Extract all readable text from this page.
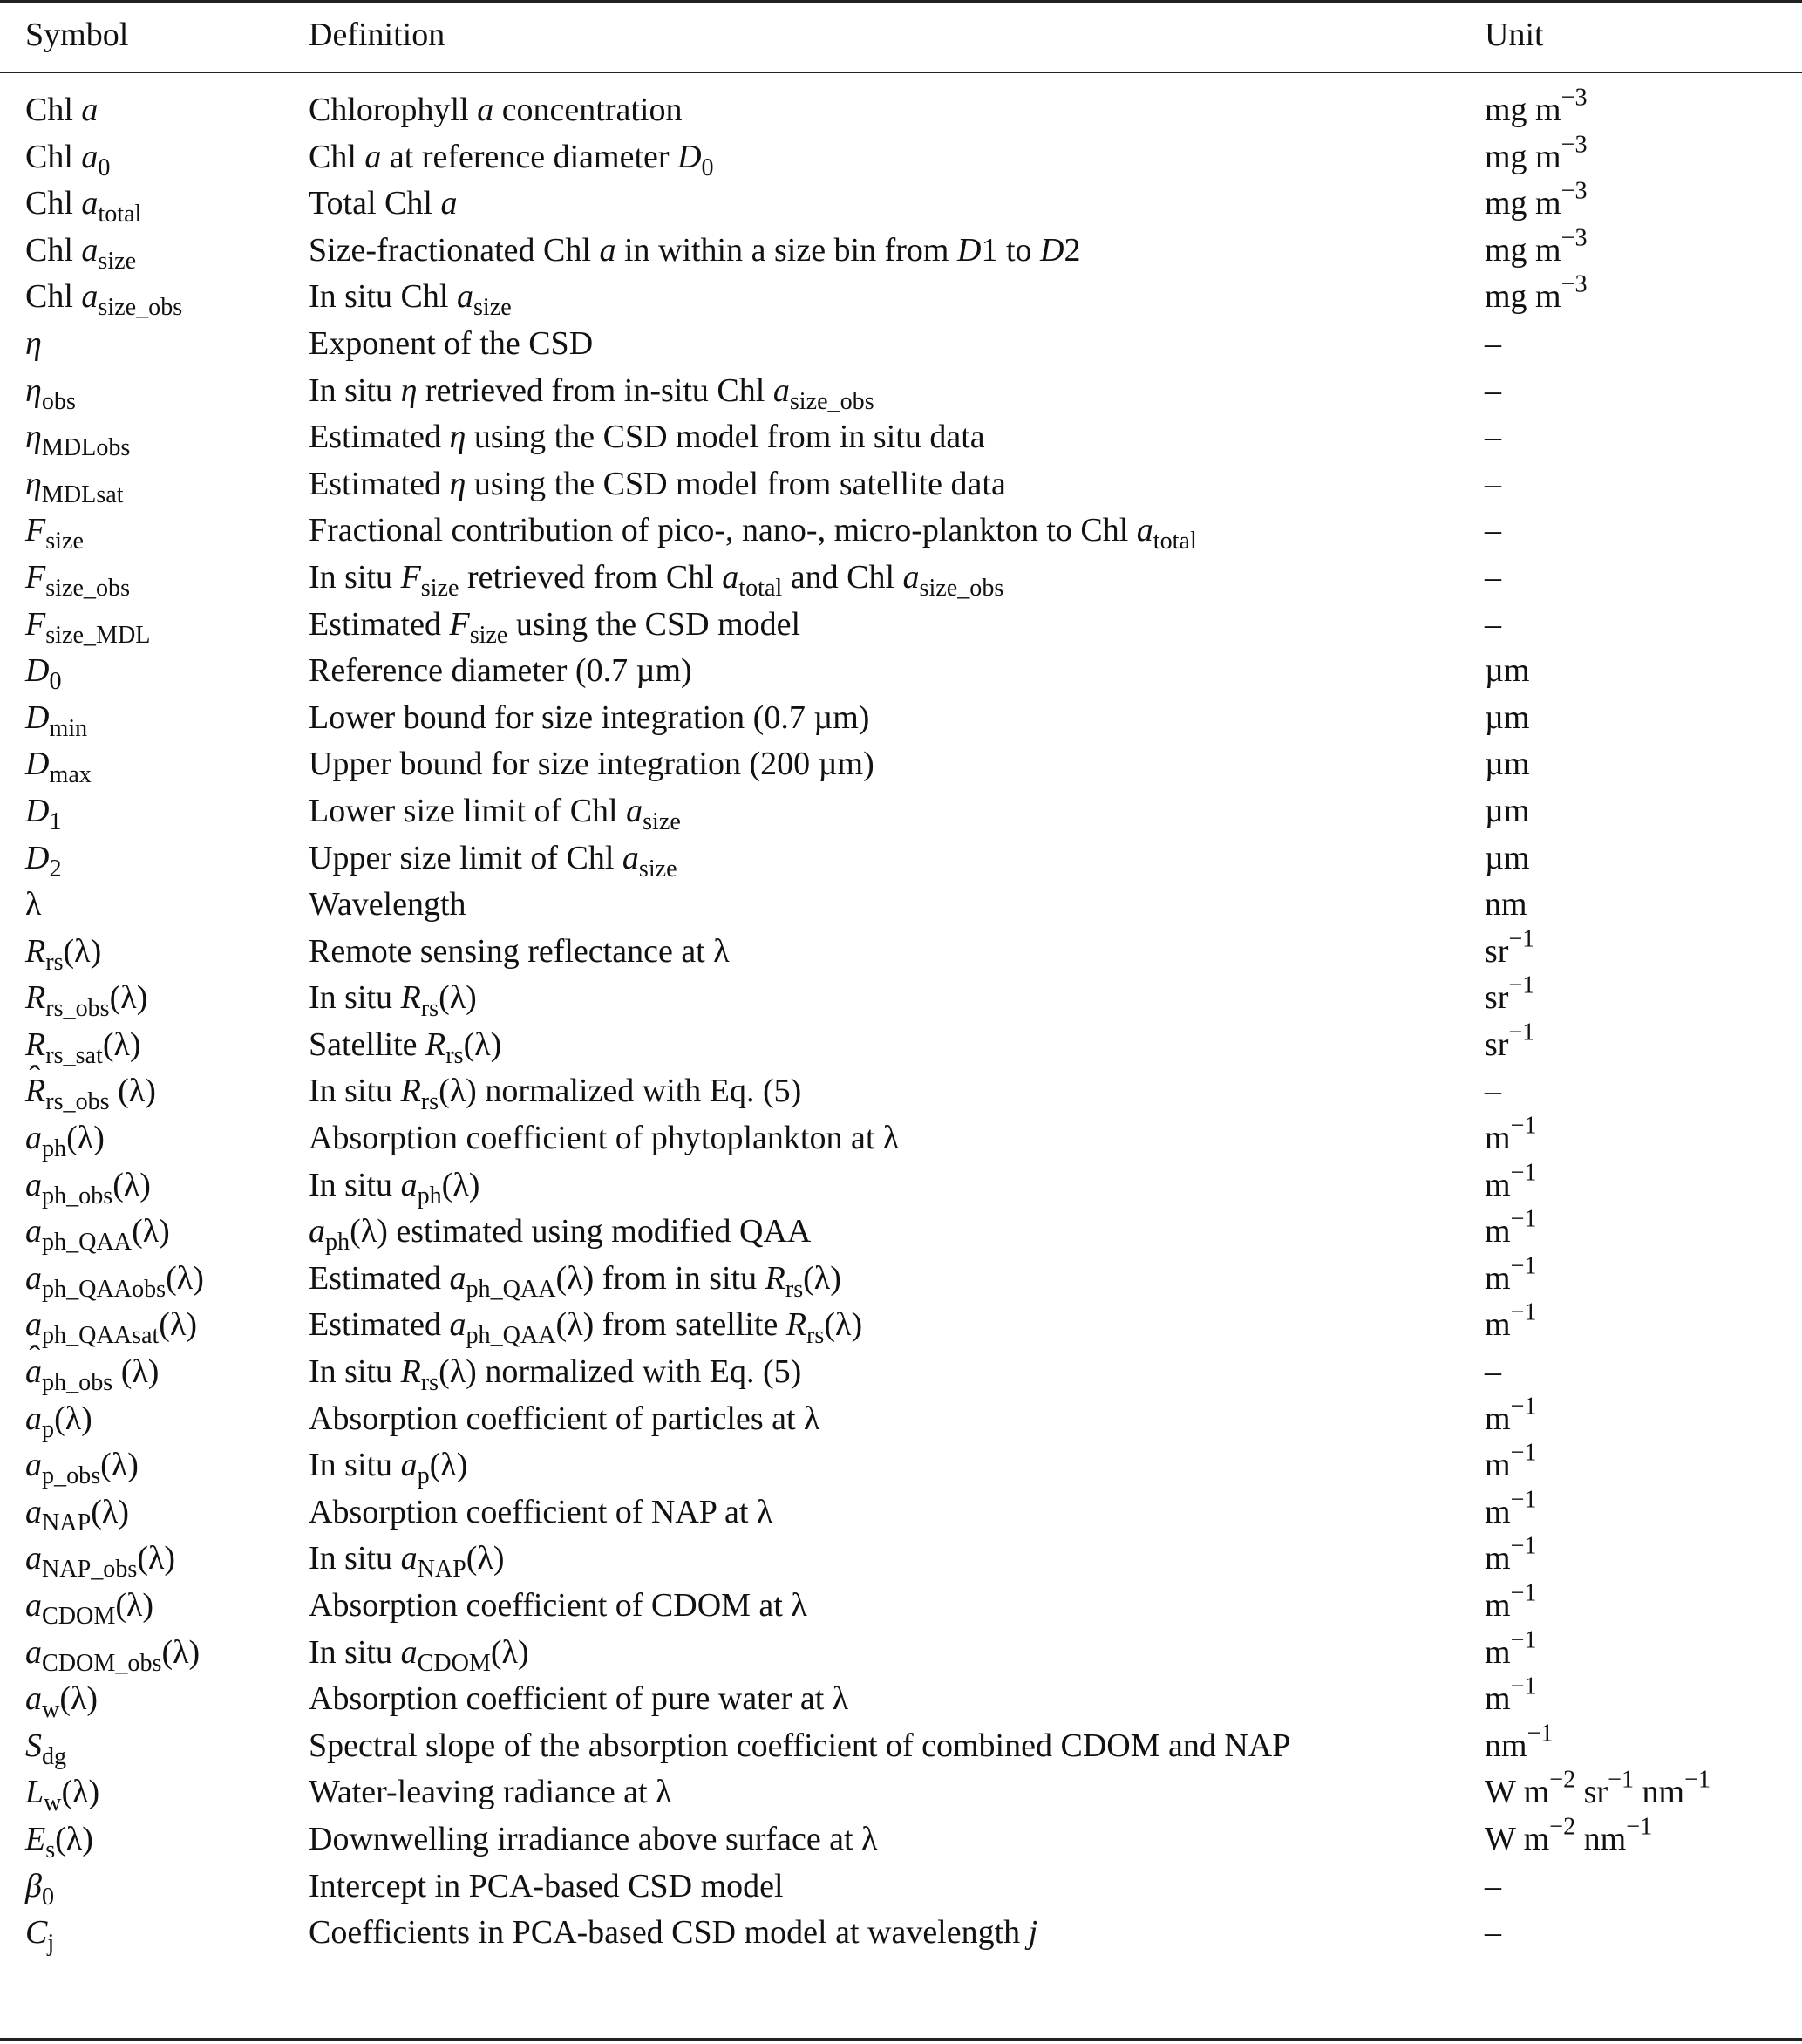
Symbol	Definition	Unit
Chl a	Chlorophyll a concentration	mg $m^{-3}$
Chl $a_0$	Chl a at reference diameter $D_0$	mg $m^{-3}$
Chl $a_{total}$	Total Chl a	mg $m^{-3}$
Chl $a_{size}$	Size-fractionated Chl a in within a size bin from D1 to D2	mg $m^{-3}$
Chl $a_{size\_obs}$	In situ Chl $a_{size}$	mg $m^{-3}$
η	Exponent of the CSD	–
$\eta_{obs}$	In situ η retrieved from in-situ Chl $a_{size\_obs}$	–
$\eta_{MDLobs}$	Estimated η using the CSD model from in situ data	–
$\eta_{MDLsat}$	Estimated η using the CSD model from satellite data	–
$F_{size}$	Fractional contribution of pico-, nano-, micro-plankton to Chl $a_{total}$	–
$F_{size\_obs}$	In situ $F_{size}$ retrieved from Chl $a_{total}$ and Chl $a_{size\_obs}$	–
$F_{size\_MDL}$	Estimated $F_{size}$ using the CSD model	–
$D_0$	Reference diameter (0.7 µm)	µm
$D_{min}$	Lower bound for size integration (0.7 µm)	µm
$D_{max}$	Upper bound for size integration (200 µm)	µm
$D_1$	Lower size limit of Chl $a_{size}$	µm
$D_2$	Upper size limit of Chl $a_{size}$	µm
λ	Wavelength	nm
$R_{rs}(\lambda)$	Remote sensing reflectance at λ	$sr^{-1}$
$R_{rs\_obs}(\lambda)$	In situ $R_{rs}(\lambda)$	$sr^{-1}$
$R_{rs\_sat}(\lambda)$	Satellite $R_{rs}(\lambda)$	$sr^{-1}$
ˆ $R_{rs\_obs}$ (λ)	In situ $R_{rs}(\lambda)$ normalized with Eq. (5)	–
$a_{ph}(\lambda)$	Absorption coefficient of phytoplankton at λ	$m^{-1}$
$a_{ph\_obs}(\lambda)$	In situ $a_{ph}(\lambda)$	$m^{-1}$
$a_{ph\_QAA}(\lambda)$	$a_{ph}(\lambda)$ estimated using modified QAA	$m^{-1}$
$a_{ph\_QAAobs}(\lambda)$	Estimated $a_{ph\_QAA}(\lambda)$ from in situ $R_{rs}(\lambda)$	$m^{-1}$
$a_{ph\_QAAsat}(\lambda)$	Estimated $a_{ph\_QAA}(\lambda)$ from satellite $R_{rs}(\lambda)$	$m^{-1}$
ˆ $a_{ph\_obs}$ (λ)	In situ $R_{rs}(\lambda)$ normalized with Eq. (5)	–
$a_p(\lambda)$	Absorption coefficient of particles at λ	$m^{-1}$
$a_{p\_obs}(\lambda)$	In situ $a_p(\lambda)$	$m^{-1}$
$a_{NAP}(\lambda)$	Absorption coefficient of NAP at λ	$m^{-1}$
$a_{NAP\_obs}(\lambda)$	In situ $a_{NAP}(\lambda)$	$m^{-1}$
$a_{CDOM}(\lambda)$	Absorption coefficient of CDOM at λ	$m^{-1}$
$a_{CDOM\_obs}(\lambda)$	In situ $a_{CDOM}(\lambda)$	$m^{-1}$
$a_w(\lambda)$	Absorption coefficient of pure water at λ	$m^{-1}$
$S_{dg}$	Spectral slope of the absorption coefficient of combined CDOM and NAP	$nm^{-1}$
$L_w(\lambda)$	Water-leaving radiance at λ	W $m^{-2}$ $sr^{-1}$ $nm^{-1}$
$E_s(\lambda)$	Downwelling irradiance above surface at λ	W $m^{-2}$ $nm^{-1}$
$\beta_0$	Intercept in PCA-based CSD model	–
$C_j$	Coefficients in PCA-based CSD model at wavelength j	–
